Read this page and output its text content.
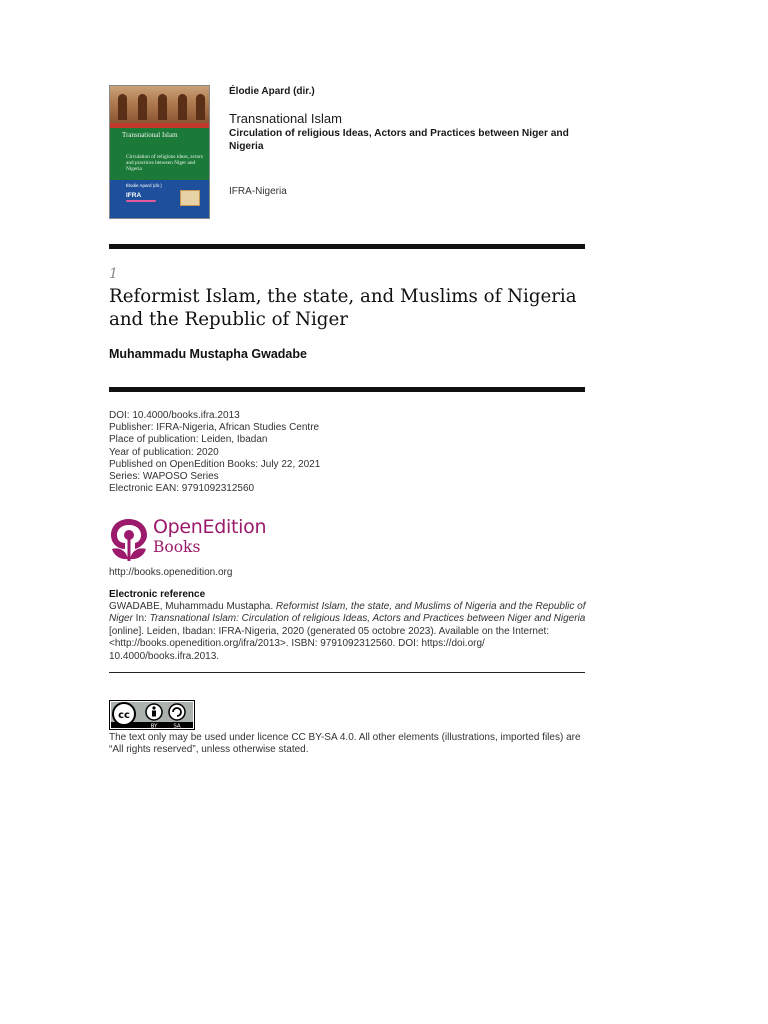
Transnational Islam
Circulation of religious ideas, actors and practices between Niger and Nigeria
Élodie Apard (dir.)
IFRA
Élodie Apard (dir.)
Transnational Islam
Circulation of religious Ideas, Actors and Practices between Niger and Nigeria
IFRA-Nigeria
1
Reformist Islam, the state, and Muslims of Nigeria and the Republic of Niger
Muhammadu Mustapha Gwadabe
DOI: 10.4000/books.ifra.2013
Publisher: IFRA-Nigeria, African Studies Centre
Place of publication: Leiden, Ibadan
Year of publication: 2020
Published on OpenEdition Books: July 22, 2021
Series: WAPOSO Series
Electronic EAN: 9791092312560
OpenEdition
Books
http://books.openedition.org
Electronic reference
GWADABE, Muhammadu Mustapha. Reformist Islam, the state, and Muslims of Nigeria and the Republic of Niger In: Transnational Islam: Circulation of religious Ideas, Actors and Practices between Niger and Nigeria [online]. Leiden, Ibadan: IFRA-Nigeria, 2020 (generated 05 octobre 2023). Available on the Internet: <http://books.openedition.org/ifra/2013>. ISBN: 9791092312560. DOI: https://doi.org/ 10.4000/books.ifra.2013.
cc
BY	SA
The text only may be used under licence CC BY-SA 4.0. All other elements (illustrations, imported files) are “All rights reserved”, unless otherwise stated.
